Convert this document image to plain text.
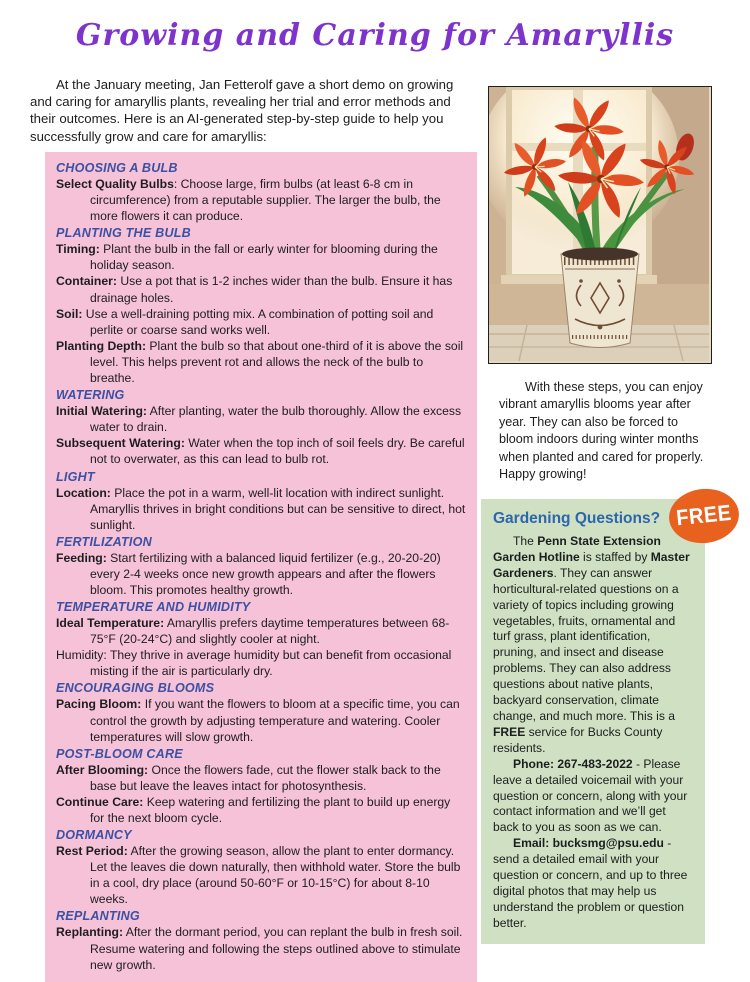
Growing and Caring for Amaryllis

At the January meeting, Jan Fetterolf gave a short demo on growing and caring for amaryllis plants, revealing her trial and error methods and their outcomes. Here is an AI-generated step-by-step guide to help you successfully grow and care for amaryllis:

CHOOSING A BULB

Select Quality Bulbs: Choose large, firm bulbs (at least 6-8 cm in circumference) from a reputable supplier. The larger the bulb, the more flowers it can produce.

PLANTING THE BULB

Timing: Plant the bulb in the fall or early winter for blooming during the holiday season.

Container: Use a pot that is 1-2 inches wider than the bulb. Ensure it has drainage holes.

Soil: Use a well-draining potting mix. A combination of potting soil and perlite or coarse sand works well.

Planting Depth: Plant the bulb so that about one-third of it is above the soil level. This helps prevent rot and allows the neck of the bulb to breathe.

WATERING

Initial Watering: After planting, water the bulb thoroughly. Allow the excess water to drain.

Subsequent Watering: Water when the top inch of soil feels dry. Be careful not to overwater, as this can lead to bulb rot.

LIGHT

Location: Place the pot in a warm, well-lit location with indirect sunlight. Amaryllis thrives in bright conditions but can be sensitive to direct, hot sunlight.

FERTILIZATION

Feeding: Start fertilizing with a balanced liquid fertilizer (e.g., 20-20-20) every 2-4 weeks once new growth appears and after the flowers bloom. This promotes healthy growth.

TEMPERATURE AND HUMIDITY

Ideal Temperature: Amaryllis prefers daytime temperatures between 68-75°F (20-24°C) and slightly cooler at night.

Humidity: They thrive in average humidity but can benefit from occasional misting if the air is particularly dry.

ENCOURAGING BLOOMS

Pacing Bloom: If you want the flowers to bloom at a specific time, you can control the growth by adjusting temperature and watering. Cooler temperatures will slow growth.

POST-BLOOM CARE

After Blooming: Once the flowers fade, cut the flower stalk back to the base but leave the leaves intact for photosynthesis.

Continue Care: Keep watering and fertilizing the plant to build up energy for the next bloom cycle.

DORMANCY

Rest Period: After the growing season, allow the plant to enter dormancy. Let the leaves die down naturally, then withhold water. Store the bulb in a cool, dry place (around 50-60°F or 10-15°C) for about 8-10 weeks.

REPLANTING

Replanting: After the dormant period, you can replant the bulb in fresh soil. Resume watering and following the steps outlined above to stimulate new growth.

With these steps, you can enjoy vibrant amaryllis blooms year after year. They can also be forced to bloom indoors during winter months when planted and cared for properly. Happy growing!

FREE
Gardening Questions?

The Penn State Extension Garden Hotline is staffed by Master Gardeners. They can answer horticultural-related questions on a variety of topics including growing vegetables, fruits, ornamental and turf grass, plant identification, pruning, and insect and disease problems. They can also address questions about native plants, backyard conservation, climate change, and much more. This is a FREE service for Bucks County residents.

Phone: 267-483-2022 - Please leave a detailed voicemail with your question or concern, along with your contact information and we’ll get back to you as soon as we can.

Email: bucksmg@psu.edu - send a detailed email with your question or concern, and up to three digital photos that may help us understand the problem or question better.
